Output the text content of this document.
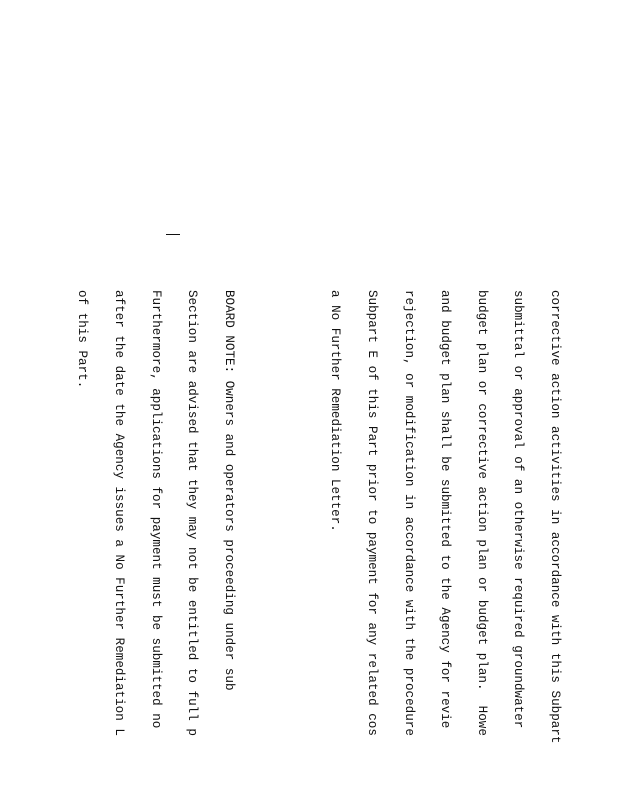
corrective action activities in accordance with this Subpart

submittal or approval of an otherwise required groundwater

budget plan or corrective action plan or budget plan.  Howe

and budget plan shall be submitted to the Agency for revie

rejection, or modification in accordance with the procedure

Subpart E of this Part prior to payment for any related cos

a No Further Remediation Letter.

BOARD NOTE: Owners and operators proceeding under sub

Section are advised that they may not be entitled to full p

Furthermore, applications for payment must be submitted no

after the date the Agency issues a No Further Remediation L

of this Part.
